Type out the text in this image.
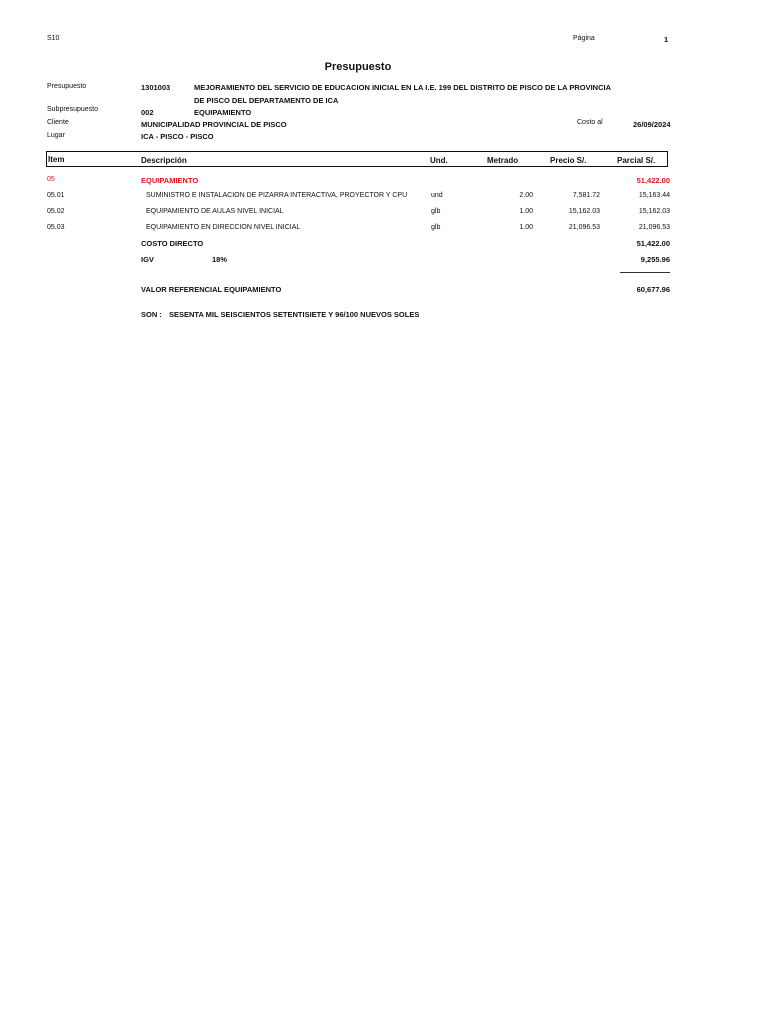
S10	Página	1
Presupuesto
Presupuesto	1301003	MEJORAMIENTO DEL SERVICIO DE EDUCACION INICIAL EN LA I.E. 199 DEL DISTRITO DE PISCO DE LA PROVINCIA
DE PISCO DEL DEPARTAMENTO DE ICA
Subpresupuesto	002	EQUIPAMIENTO
Cliente	MUNICIPALIDAD PROVINCIAL DE PISCO	Costo al	26/09/2024
Lugar	ICA - PISCO - PISCO
Item	Descripción	Und.	Metrado	Precio S/.	Parcial S/.
05	EQUIPAMIENTO	51,422.00
05.01	SUMINISTRO E INSTALACION DE PIZARRA INTERACTIVA, PROYECTOR Y CPU	und	2.00	7,581.72	15,163.44
05.02	EQUIPAMIENTO DE AULAS NIVEL INICIAL	glb	1.00	15,162.03	15,162.03
05.03	EQUIPAMIENTO EN DIRECCION NIVEL INICIAL	glb	1.00	21,096.53	21,096.53
COSTO DIRECTO	51,422.00
IGV	18%	9,255.96
VALOR REFERENCIAL EQUIPAMIENTO	60,677.96
SON : SESENTA MIL SEISCIENTOS SETENTISIETE Y 96/100 NUEVOS SOLES
